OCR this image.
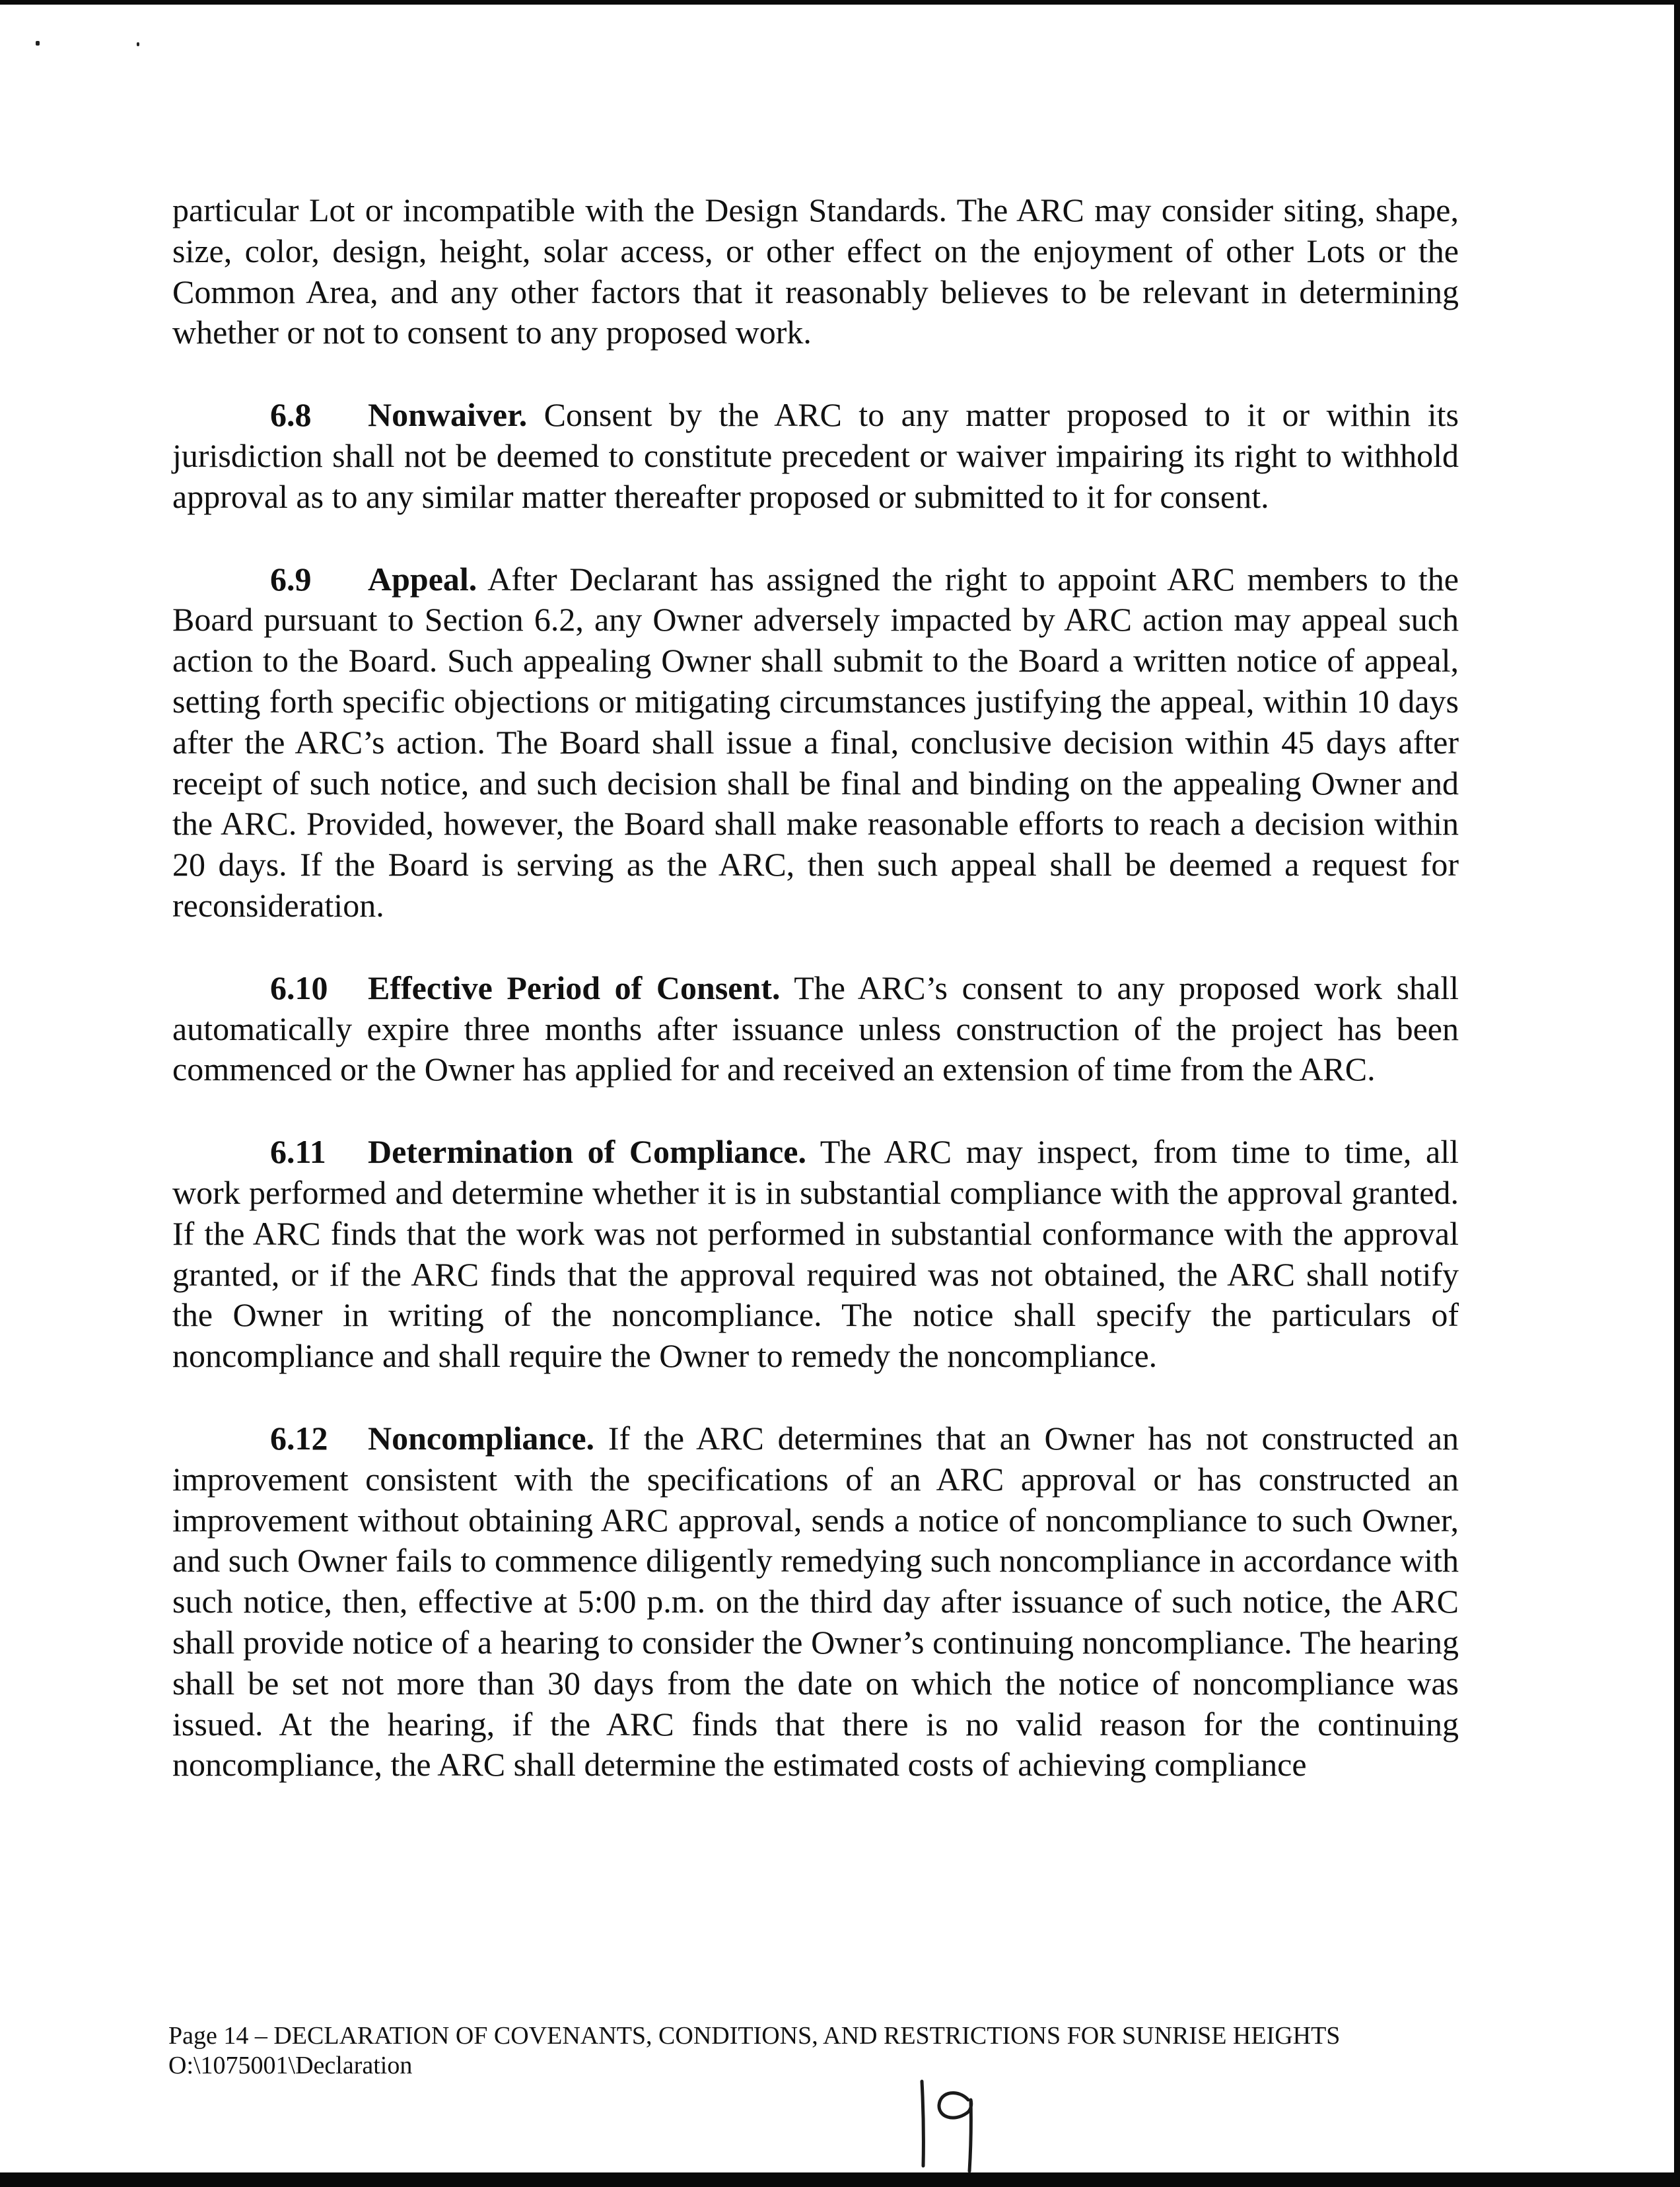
particular Lot or incompatible with the Design Standards. The ARC may consider siting, shape, size, color, design, height, solar access, or other effect on the enjoyment of other Lots or the Common Area, and any other factors that it reasonably believes to be relevant in determining whether or not to consent to any proposed work.

6.8 Nonwaiver. Consent by the ARC to any matter proposed to it or within its jurisdiction shall not be deemed to constitute precedent or waiver impairing its right to withhold approval as to any similar matter thereafter proposed or submitted to it for consent.

6.9 Appeal. After Declarant has assigned the right to appoint ARC members to the Board pursuant to Section 6.2, any Owner adversely impacted by ARC action may appeal such action to the Board. Such appealing Owner shall submit to the Board a written notice of appeal, setting forth specific objections or mitigating circumstances justifying the appeal, within 10 days after the ARC’s action. The Board shall issue a final, conclusive decision within 45 days after receipt of such notice, and such decision shall be final and binding on the appealing Owner and the ARC. Provided, however, the Board shall make reasonable efforts to reach a decision within 20 days. If the Board is serving as the ARC, then such appeal shall be deemed a request for reconsideration.

6.10 Effective Period of Consent. The ARC’s consent to any proposed work shall automatically expire three months after issuance unless construction of the project has been commenced or the Owner has applied for and received an extension of time from the ARC.

6.11 Determination of Compliance. The ARC may inspect, from time to time, all work performed and determine whether it is in substantial compliance with the approval granted. If the ARC finds that the work was not performed in substantial conformance with the approval granted, or if the ARC finds that the approval required was not obtained, the ARC shall notify the Owner in writing of the noncompliance. The notice shall specify the particulars of noncompliance and shall require the Owner to remedy the noncompliance.

6.12 Noncompliance. If the ARC determines that an Owner has not constructed an improvement consistent with the specifications of an ARC approval or has constructed an improvement without obtaining ARC approval, sends a notice of noncompliance to such Owner, and such Owner fails to commence diligently remedying such noncompliance in accordance with such notice, then, effective at 5:00 p.m. on the third day after issuance of such notice, the ARC shall provide notice of a hearing to consider the Owner’s continuing noncompliance. The hearing shall be set not more than 30 days from the date on which the notice of noncompliance was issued. At the hearing, if the ARC finds that there is no valid reason for the continuing noncompliance, the ARC shall determine the estimated costs of achieving compliance

Page 14 – DECLARATION OF COVENANTS, CONDITIONS, AND RESTRICTIONS FOR SUNRISE HEIGHTS
O:\1075001\Declaration
